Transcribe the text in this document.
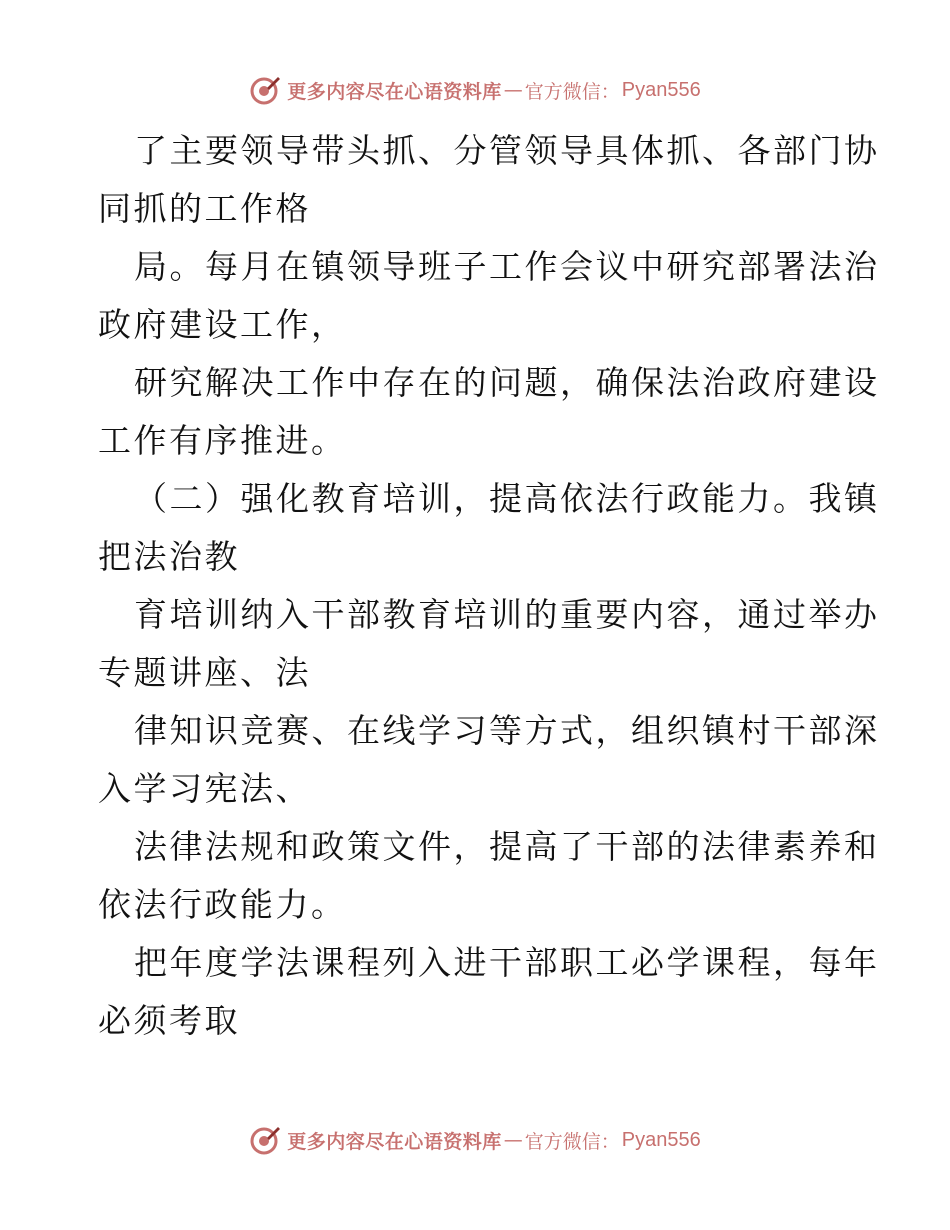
更多内容尽在心语资料库 — 官方微信： Pyan556
了主要领导带头抓、分管领导具体抓、各部门协
同抓的工作格
局。每月在镇领导班子工作会议中研究部署法治
政府建设工作，
研究解决工作中存在的问题，确保法治政府建设
工作有序推进。
（二）强化教育培训，提高依法行政能力。我镇
把法治教
育培训纳入干部教育培训的重要内容，通过举办
专题讲座、法
律知识竞赛、在线学习等方式，组织镇村干部深
入学习宪法、
法律法规和政策文件，提高了干部的法律素养和
依法行政能力。
把年度学法课程列入进干部职工必学课程，每年
必须考取
更多内容尽在心语资料库 — 官方微信： Pyan556
